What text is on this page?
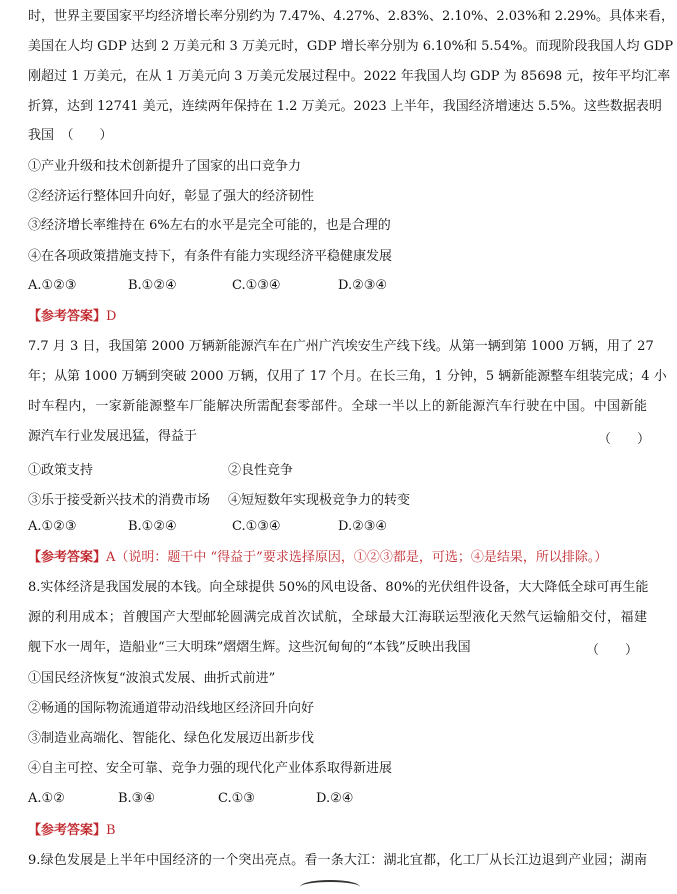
时，世界主要国家平均经济增长率分别约为 7.47%、4.27%、2.83%、2.10%、2.03%和 2.29%。具体来看，
美国在人均 GDP 达到 2 万美元和 3 万美元时，GDP 增长率分别为 6.10%和 5.54%。而现阶段我国人均 GDP
刚超过 1 万美元，在从 1 万美元向 3 万美元发展过程中。2022 年我国人均 GDP 为 85698 元，按年平均汇率
折算，达到 12741 美元，连续两年保持在 1.2 万美元。2023 上半年，我国经济增速达 5.5%。这些数据表明
我国　（　　）
①产业升级和技术创新提升了国家的出口竞争力
②经济运行整体回升向好，彰显了强大的经济韧性
③经济增长率维持在 6%左右的水平是完全可能的，也是合理的
④在各项政策措施支持下，有条件有能力实现经济平稳健康发展
A.①②③	B.①②④	C.①③④	D.②③④
【参考答案】D
7.7 月 3 日，我国第 2000 万辆新能源汽车在广州广汽埃安生产线下线。从第一辆到第 1000 万辆，用了 27
年；从第 1000 万辆到突破 2000 万辆，仅用了 17 个月。在长三角，1 分钟，5 辆新能源整车组装完成；4 小
时车程内，一家新能源整车厂能解决所需配套零部件。全球一半以上的新能源汽车行驶在中国。中国新能
源汽车行业发展迅猛，得益于	（　　）
①政策支持	②良性竞争
③乐于接受新兴技术的消费市场 ④短短数年实现极竞争力的转变
A.①②③	B.①②④	C.①③④	D.②③④
【参考答案】A（说明：题干中 “得益于”要求选择原因，①②③都是，可选；④是结果，所以排除。）
8.实体经济是我国发展的本钱。向全球提供 50%的风电设备、80%的光伏组件设备，大大降低全球可再生能
源的利用成本；首艘国产大型邮轮圆满完成首次试航，全球最大江海联运型液化天然气运输船交付，福建
舰下水一周年，造船业“三大明珠”熠熠生辉。这些沉甸甸的“本钱”反映出我国	（　　）
①国民经济恢复“波浪式发展、曲折式前进”
②畅通的国际物流通道带动沿线地区经济回升向好
③制造业高端化、智能化、绿色化发展迈出新步伐
④自主可控、安全可靠、竞争力强的现代化产业体系取得新进展
A.①②	B.③④	C.①③	D.②④
【参考答案】B
9.绿色发展是上半年中国经济的一个突出亮点。看一条大江：湖北宜都，化工厂从长江边退到产业园；湖南
